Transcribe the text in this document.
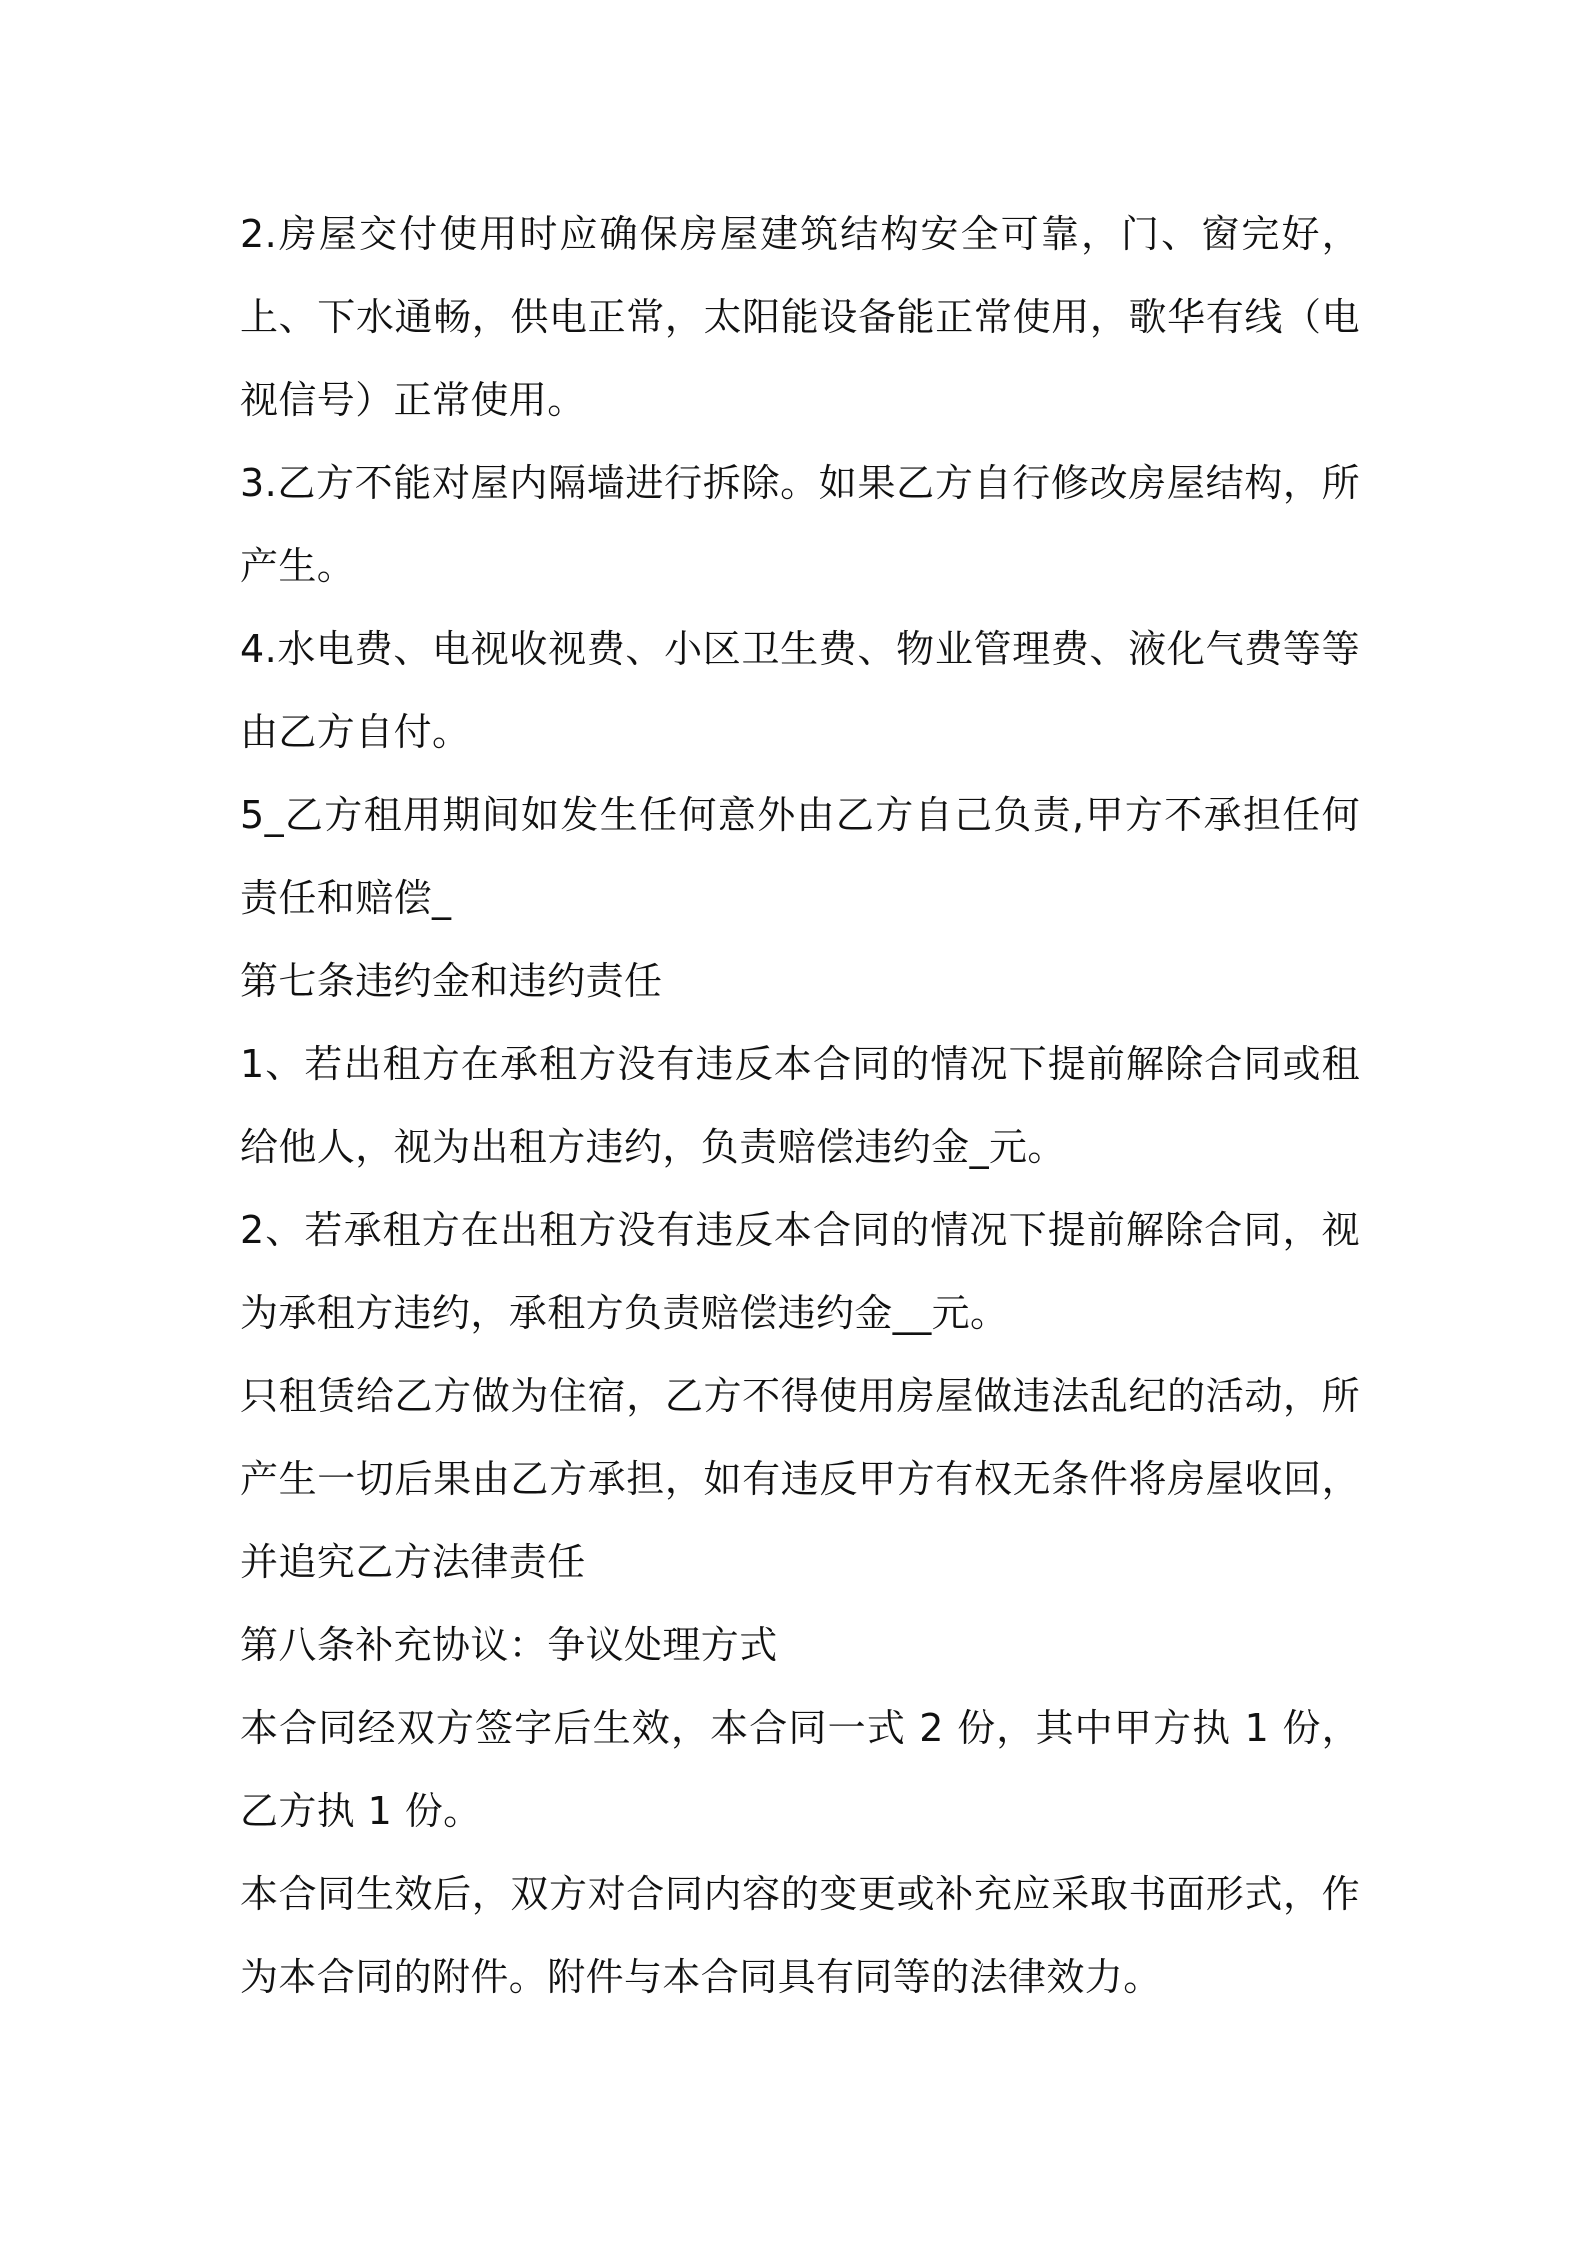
2.房屋交付使用时应确保房屋建筑结构安全可靠，门、窗完好，上、下水通畅，供电正常，太阳能设备能正常使用，歌华有线（电视信号）正常使用。

3.乙方不能对屋内隔墙进行拆除。如果乙方自行修改房屋结构，所产生。

4.水电费、电视收视费、小区卫生费、物业管理费、液化气费等等由乙方自付。

5_乙方租用期间如发生任何意外由乙方自己负责,甲方不承担任何责任和赔偿_

第七条违约金和违约责任

1、若出租方在承租方没有违反本合同的情况下提前解除合同或租给他人，视为出租方违约，负责赔偿违约金_元。

2、若承租方在出租方没有违反本合同的情况下提前解除合同，视为承租方违约，承租方负责赔偿违约金__元。

只租赁给乙方做为住宿，乙方不得使用房屋做违法乱纪的活动，所产生一切后果由乙方承担，如有违反甲方有权无条件将房屋收回，并追究乙方法律责任

第八条补充协议：争议处理方式

本合同经双方签字后生效，本合同一式 2 份，其中甲方执 1 份，乙方执 1 份。

本合同生效后，双方对合同内容的变更或补充应采取书面形式，作为本合同的附件。附件与本合同具有同等的法律效力。
